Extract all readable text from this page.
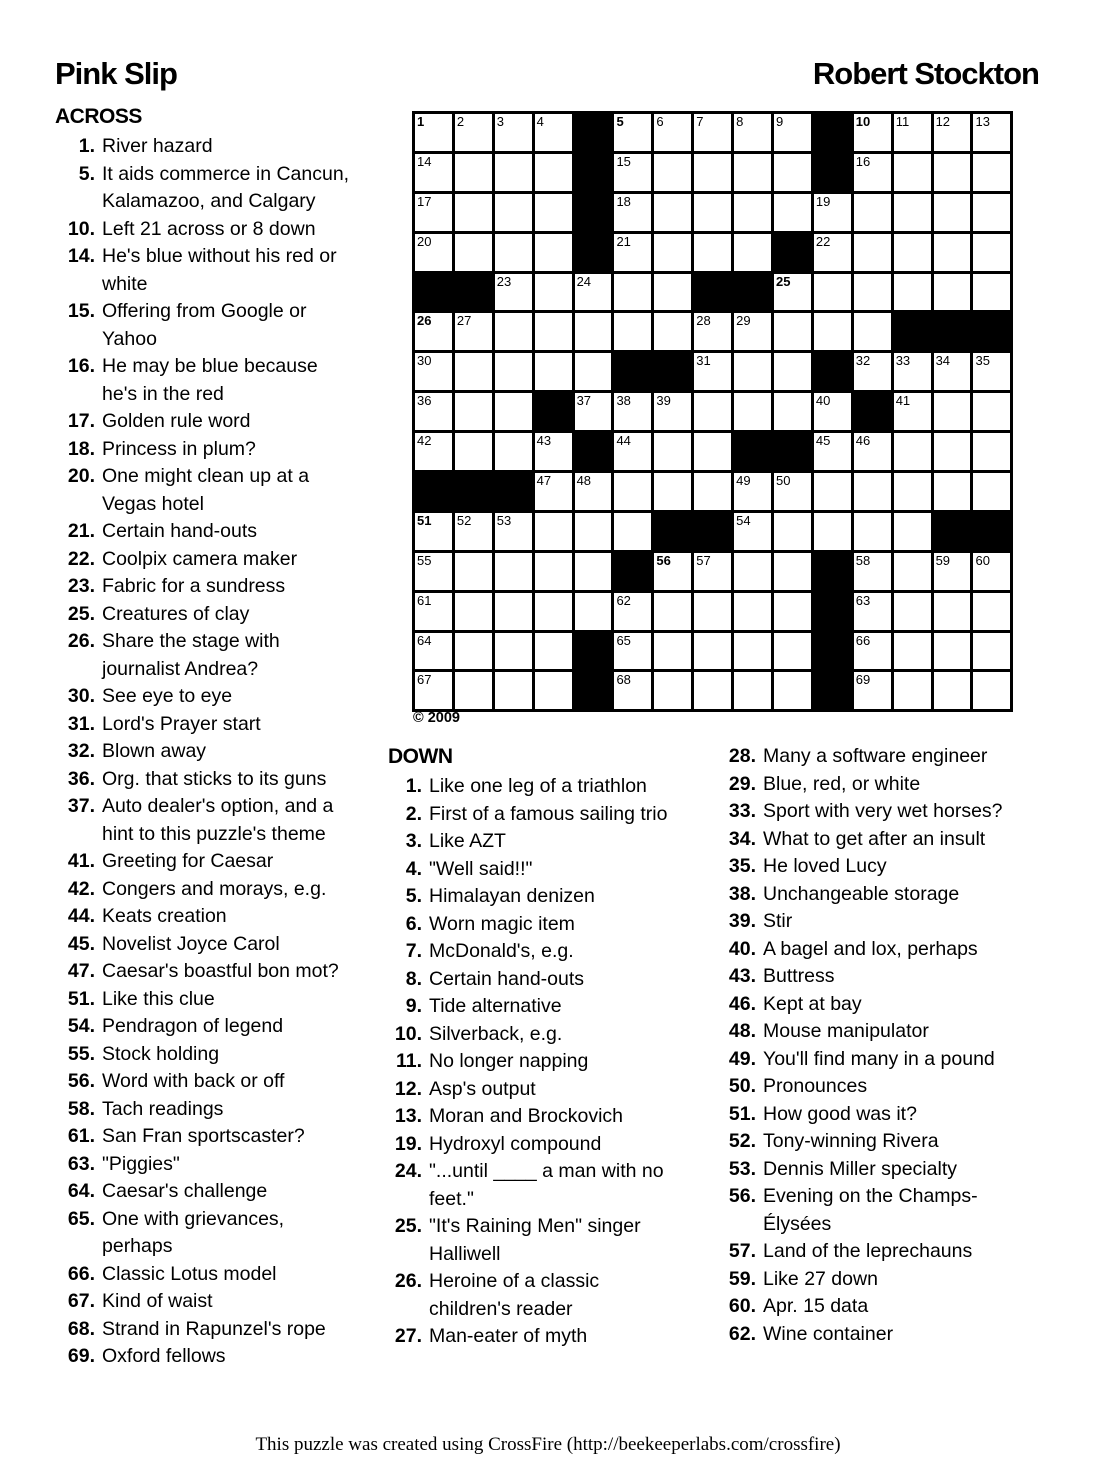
Pink Slip	Robert Stockton
ACROSS
1. River hazard
5. It aids commerce in Cancun, Kalamazoo, and Calgary
10. Left 21 across or 8 down
14. He's blue without his red or white
15. Offering from Google or Yahoo
16. He may be blue because he's in the red
17. Golden rule word
18. Princess in plum?
20. One might clean up at a Vegas hotel
21. Certain hand-outs
22. Coolpix camera maker
23. Fabric for a sundress
25. Creatures of clay
26. Share the stage with journalist Andrea?
30. See eye to eye
31. Lord's Prayer start
32. Blown away
36. Org. that sticks to its guns
37. Auto dealer's option, and a hint to this puzzle's theme
41. Greeting for Caesar
42. Congers and morays, e.g.
44. Keats creation
45. Novelist Joyce Carol
47. Caesar's boastful bon mot?
51. Like this clue
54. Pendragon of legend
55. Stock holding
56. Word with back or off
58. Tach readings
61. San Fran sportscaster?
63. "Piggies"
64. Caesar's challenge
65. One with grievances, perhaps
66. Classic Lotus model
67. Kind of waist
68. Strand in Rapunzel's rope
69. Oxford fellows
1	2	3	4	5	6	7	8	9	10 11 12 13
14	15	16
17	18	19
20	21	22
23	24	25
26 27	28 29
30	31	32 33 34 35
36	37 38 39	40	41
42	43	44	45 46
47 48	49 50
51 52 53	54
55	56 57	58	59 60
61	62	63
64	65	66
67	68	69
© 2009
DOWN
1. Like one leg of a triathlon
2. First of a famous sailing trio
3. Like AZT
4. "Well said!!"
5. Himalayan denizen
6. Worn magic item
7. McDonald's, e.g.
8. Certain hand-outs
9. Tide alternative
10. Silverback, e.g.
11. No longer napping
12. Asp's output
13. Moran and Brockovich
19. Hydroxyl compound
24. "...until ____ a man with no feet."
25. "It's Raining Men" singer Halliwell
26. Heroine of a classic children's reader
27. Man-eater of myth
28. Many a software engineer
29. Blue, red, or white
33. Sport with very wet horses?
34. What to get after an insult
35. He loved Lucy
38. Unchangeable storage
39. Stir
40. A bagel and lox, perhaps
43. Buttress
46. Kept at bay
48. Mouse manipulator
49. You'll find many in a pound
50. Pronounces
51. How good was it?
52. Tony-winning Rivera
53. Dennis Miller specialty
56. Evening on the Champs-Élysées
57. Land of the leprechauns
59. Like 27 down
60. Apr. 15 data
62. Wine container
This puzzle was created using CrossFire (http://beekeeperlabs.com/crossfire)
